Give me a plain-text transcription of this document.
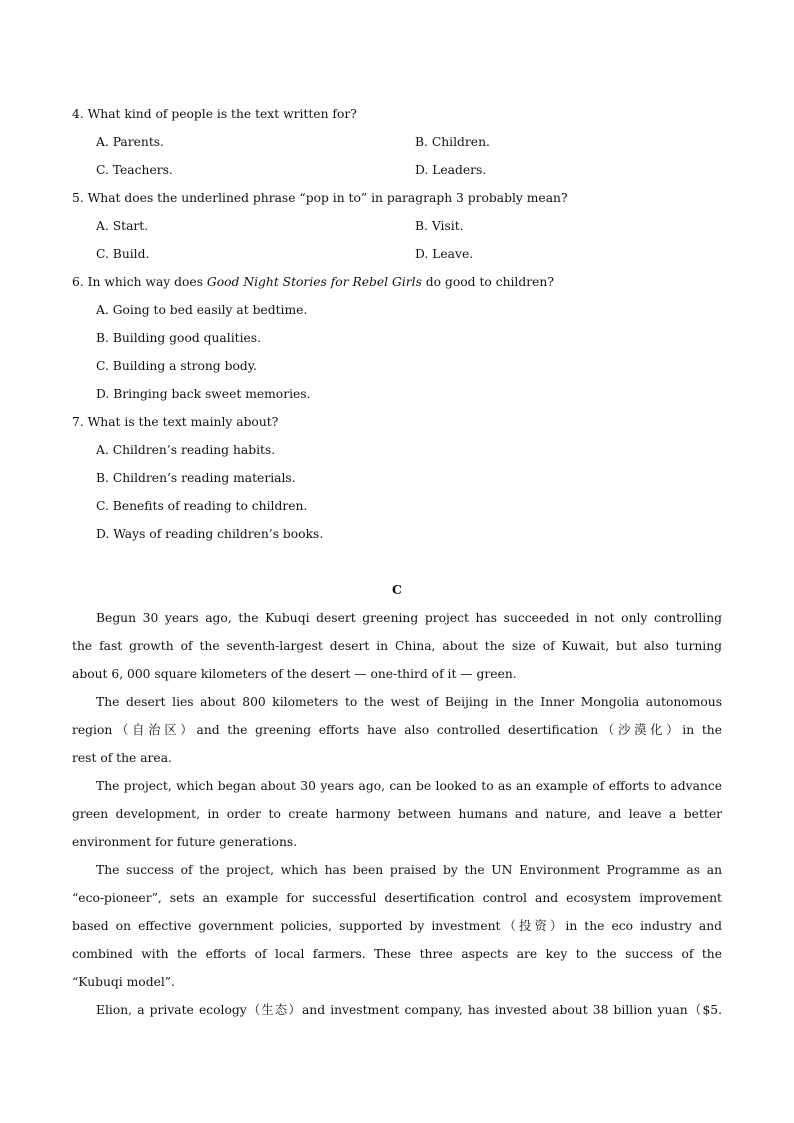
4. What kind of people is the text written for?
A. Parents.	B. Children.
C. Teachers.	D. Leaders.
5. What does the underlined phrase “pop in to” in paragraph 3 probably mean?
A. Start.	B. Visit.
C. Build.	D. Leave.
6. In which way does Good Night Stories for Rebel Girls do good to children?
A. Going to bed easily at bedtime.
B. Building good qualities.
C. Building a strong body.
D. Bringing back sweet memories.
7. What is the text mainly about?
A. Children’s reading habits.
B. Children’s reading materials.
C. Benefits of reading to children.
D. Ways of reading children’s books.
C
Begun 30 years ago, the Kubuqi desert greening project has succeeded in not only controlling
the fast growth of the seventh-largest desert in China, about the size of Kuwait, but also turning
about 6, 000 square kilometers of the desert — one-third of it — green.
The desert lies about 800 kilometers to the west of Beijing in the Inner Mongolia autonomous
region（自治区）and the greening efforts have also controlled desertification（沙漠化）in the
rest of the area.
The project, which began about 30 years ago, can be looked to as an example of efforts to advance
green development, in order to create harmony between humans and nature, and leave a better
environment for future generations.
The success of the project, which has been praised by the UN Environment Programme as an
“eco-pioneer”, sets an example for successful desertification control and ecosystem improvement
based on effective government policies, supported by investment（投资）in the eco industry and
combined with the efforts of local farmers. These three aspects are key to the success of the
“Kubuqi model”.
Elion, a private ecology（生态）and investment company, has invested about 38 billion yuan（$5.
